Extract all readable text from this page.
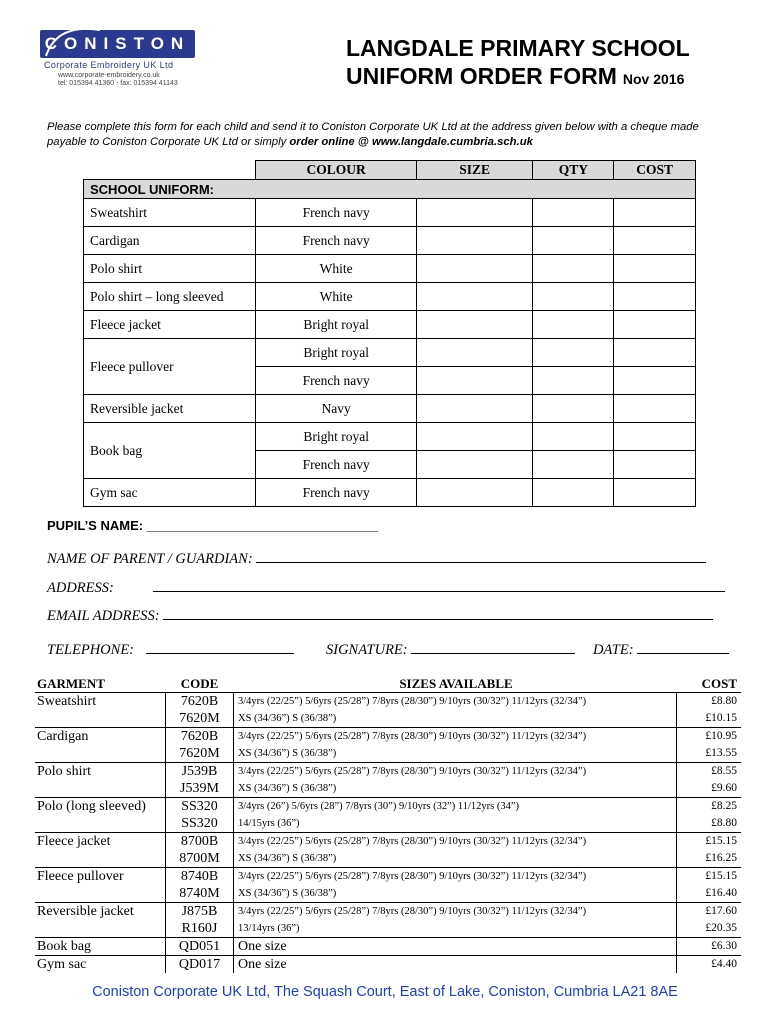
CONISTON
Corporate Embroidery UK Ltd
www.corporate-embroidery.co.uk
tel: 015394 41360 - fax: 015394 41143
LANGDALE PRIMARY SCHOOL
UNIFORM ORDER FORM Nov 2016
Please complete this form for each child and send it to Coniston Corporate UK Ltd at the address given below with a cheque made payable to Coniston Corporate UK Ltd or simply order online @ www.langdale.cumbria.sch.uk
	COLOUR	SIZE	QTY	COST
SCHOOL UNIFORM:				
Sweatshirt	French navy			
Cardigan	French navy			
Polo shirt	White			
Polo shirt – long sleeved	White			
Fleece jacket	Bright royal			
Fleece pullover	Bright royal			
	French navy			
Reversible jacket	Navy			
Book bag	Bright royal			
	French navy			
Gym sac	French navy			
PUPIL’S NAME: ________________________________
NAME OF PARENT / GUARDIAN:
ADDRESS:
EMAIL ADDRESS:
TELEPHONE:	SIGNATURE:	DATE:
GARMENT	CODE	SIZES AVAILABLE	COST
Sweatshirt	7620B	3/4yrs (22/25”) 5/6yrs (25/28”) 7/8yrs (28/30”) 9/10yrs (30/32”) 11/12yrs (32/34”)	£8.80
	7620M	XS (34/36”) S (36/38”)	£10.15
Cardigan	7620B	3/4yrs (22/25”) 5/6yrs (25/28”) 7/8yrs (28/30”) 9/10yrs (30/32”) 11/12yrs (32/34”)	£10.95
	7620M	XS (34/36”) S (36/38”)	£13.55
Polo shirt	J539B	3/4yrs (22/25”) 5/6yrs (25/28”) 7/8yrs (28/30”) 9/10yrs (30/32”) 11/12yrs (32/34”)	£8.55
	J539M	XS (34/36”) S (36/38”)	£9.60
Polo (long sleeved)	SS320	3/4yrs (26”) 5/6yrs (28”) 7/8yrs (30”) 9/10yrs (32”) 11/12yrs (34”)	£8.25
	SS320	14/15yrs (36”)	£8.80
Fleece jacket	8700B	3/4yrs (22/25”) 5/6yrs (25/28”) 7/8yrs (28/30”) 9/10yrs (30/32”) 11/12yrs (32/34”)	£15.15
	8700M	XS (34/36”) S (36/38”)	£16.25
Fleece pullover	8740B	3/4yrs (22/25”) 5/6yrs (25/28”) 7/8yrs (28/30”) 9/10yrs (30/32”) 11/12yrs (32/34”)	£15.15
	8740M	XS (34/36”) S (36/38”)	£16.40
Reversible jacket	J875B	3/4yrs (22/25”) 5/6yrs (25/28”) 7/8yrs (28/30”) 9/10yrs (30/32”) 11/12yrs (32/34”)	£17.60
	R160J	13/14yrs (36”)	£20.35
Book bag	QD051	One size	£6.30
Gym sac	QD017	One size	£4.40
Coniston Corporate UK Ltd, The Squash Court, East of Lake, Coniston, Cumbria LA21 8AE
